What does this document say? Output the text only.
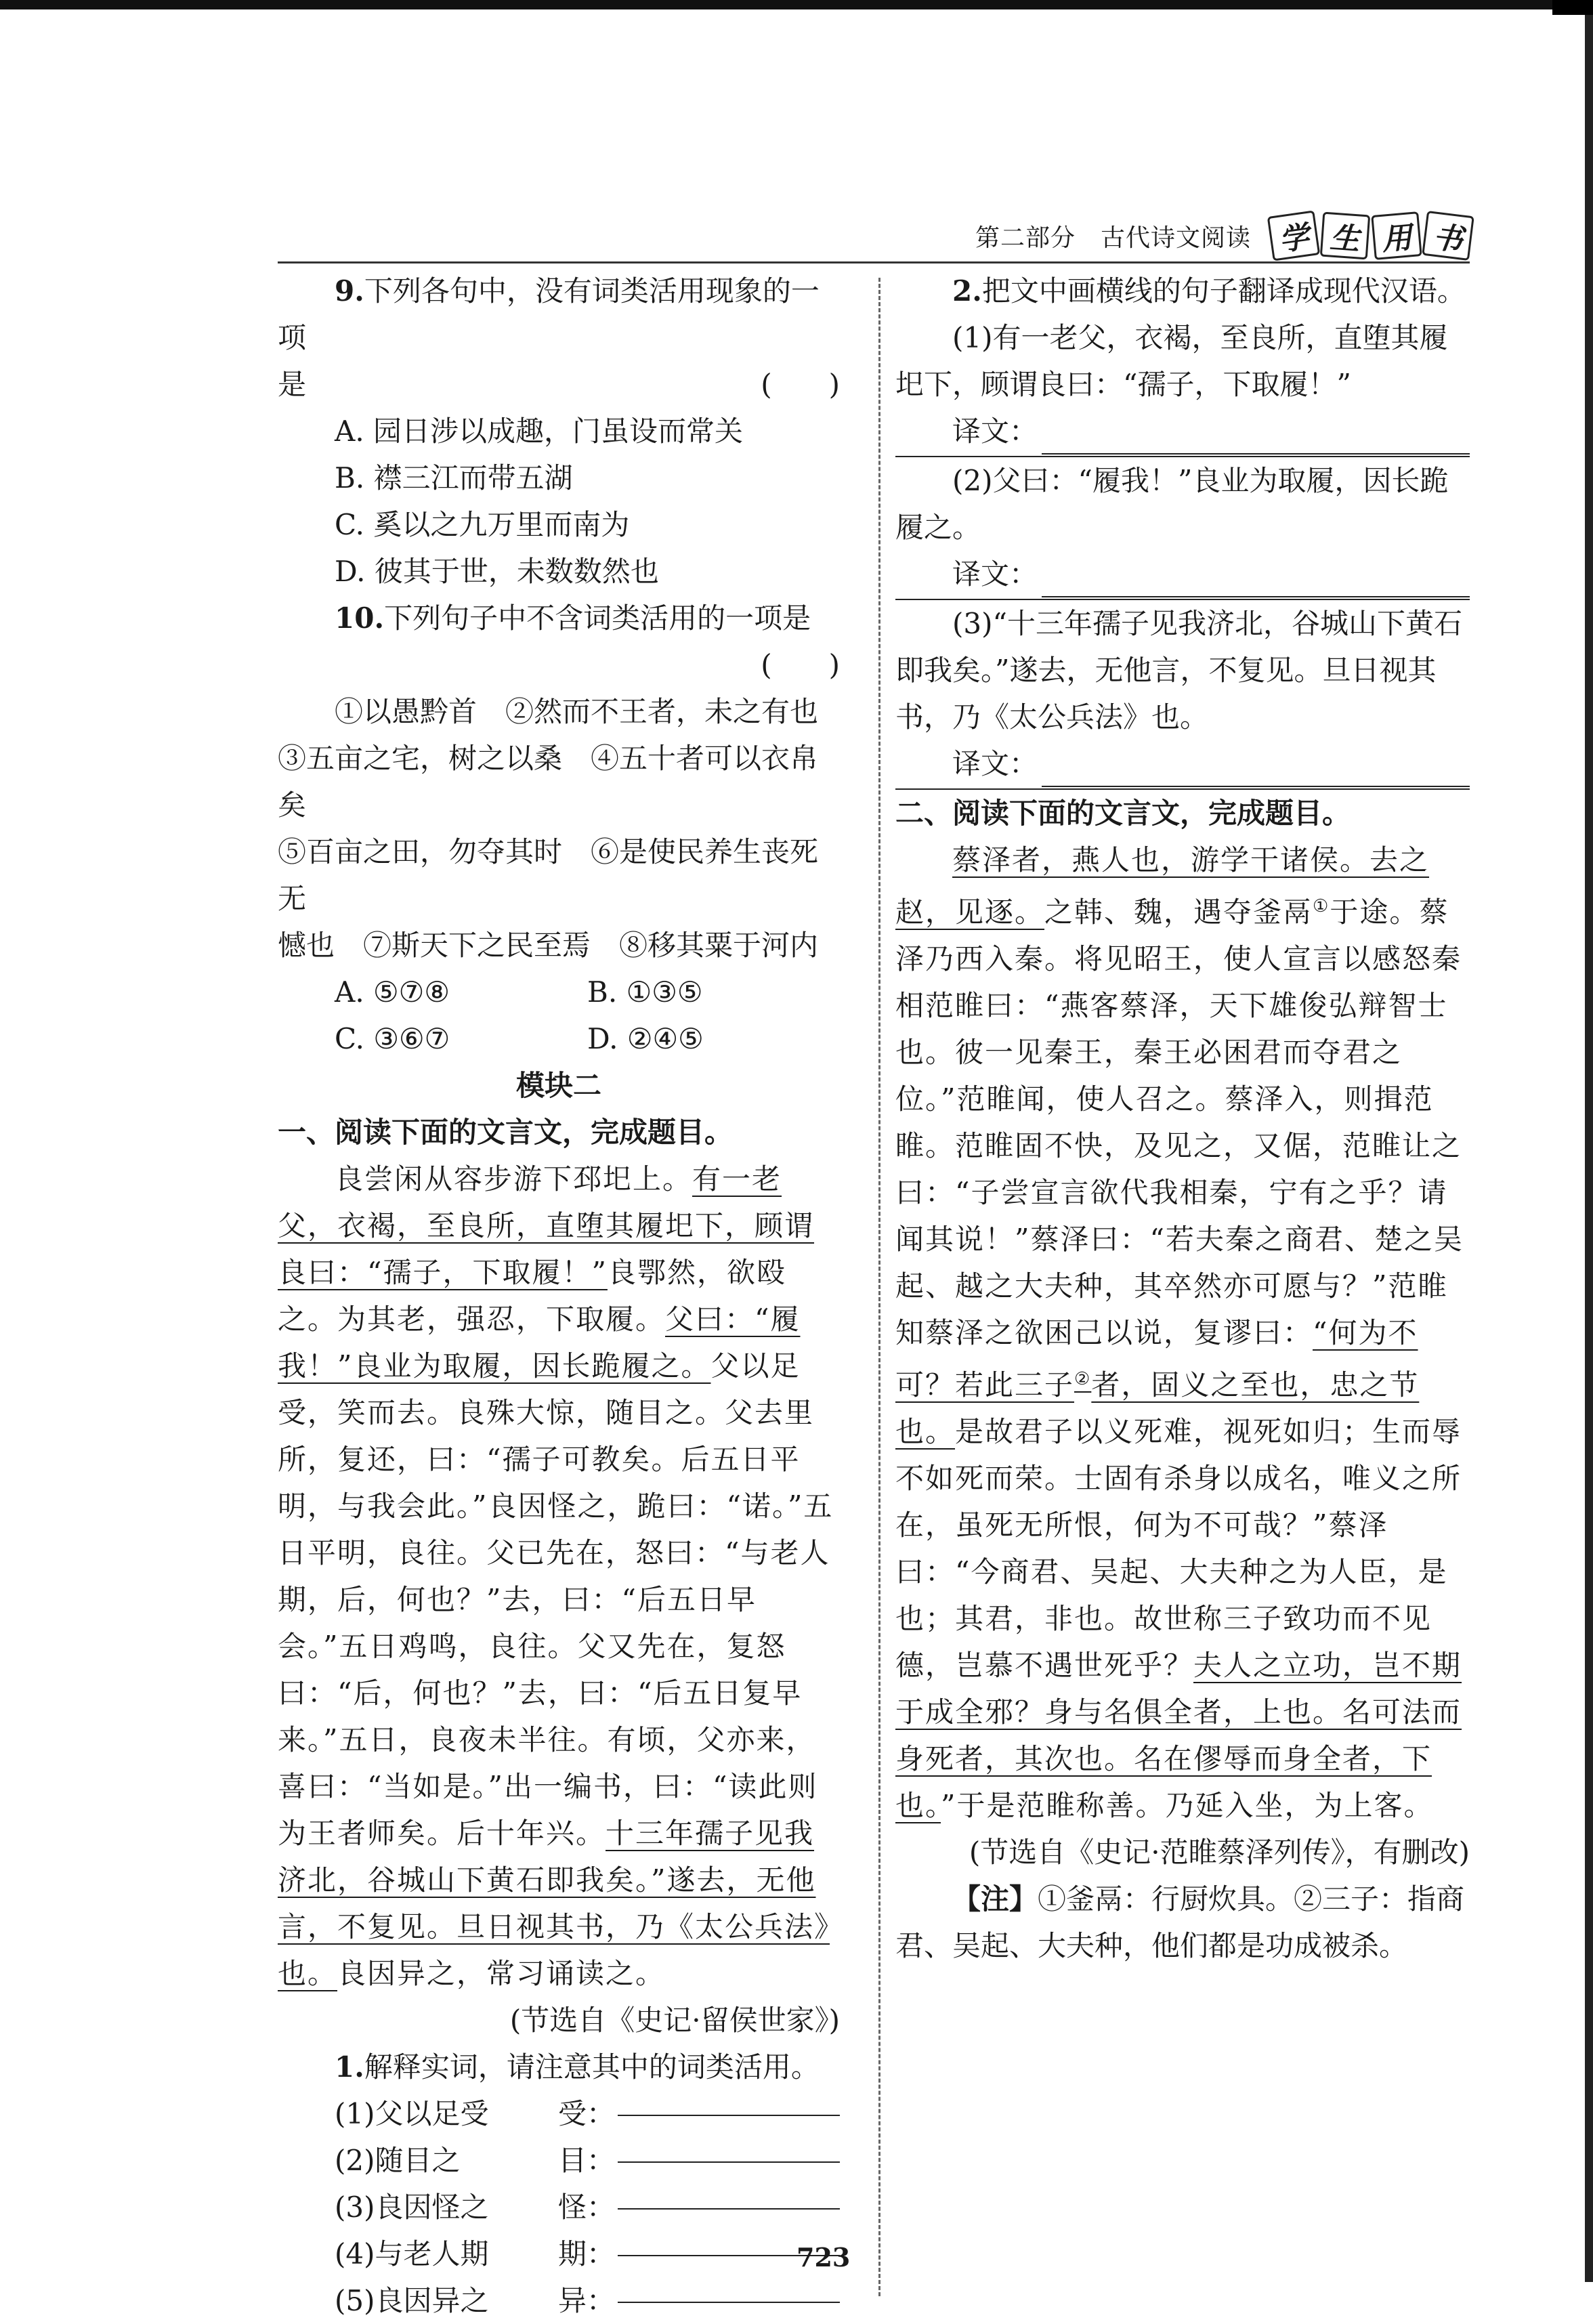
第二部分　古代诗文阅读 学 生 用 书
9.下列各句中，没有词类活用现象的一项
是	(　　)
A. 园日涉以成趣，门虽设而常关
B. 襟三江而带五湖
C. 奚以之九万里而南为
D. 彼其于世，未数数然也
10.下列句子中不含词类活用的一项是
(　　)
①以愚黔首　②然而不王者，未之有也
③五亩之宅，树之以桑　④五十者可以衣帛矣
⑤百亩之田，勿夺其时　⑥是使民养生丧死无
憾也　⑦斯天下之民至焉　⑧移其粟于河内
A. ⑤⑦⑧	B. ①③⑤
C. ③⑥⑦	D. ②④⑤
模块二
一、阅读下面的文言文，完成题目。

良尝闲从容步游下邳圯上。有一老父，衣褐，至良所，直堕其履圯下，顾谓良曰：“孺子，下取履！”良鄂然，欲殴之。为其老，强忍，下取履。父曰：“履我！”良业为取履，因长跪履之。父以足受，笑而去。良殊大惊，随目之。父去里所，复还，曰：“孺子可教矣。后五日平明，与我会此。”良因怪之，跪曰：“诺。”五日平明，良往。父已先在，怒曰：“与老人期，后，何也？”去，曰：“后五日早会。”五日鸡鸣，良往。父又先在，复怒曰：“后，何也？”去，曰：“后五日复早来。”五日，良夜未半往。有顷，父亦来，喜曰：“当如是。”出一编书，曰：“读此则为王者师矣。后十年兴。十三年孺子见我济北，谷城山下黄石即我矣。”遂去，无他言，不复见。旦日视其书，乃《太公兵法》也。良因异之，常习诵读之。

(节选自《史记·留侯世家》)
1.解释实词，请注意其中的词类活用。
(1)父以足受	受：
(2)随目之	目：
(3)良因怪之	怪：
(4)与老人期	期：
(5)良因异之	异：
2.把文中画横线的句子翻译成现代汉语。

(1)有一老父，衣褐，至良所，直堕其履圯下，顾谓良曰：“孺子，下取履！”

译文：

(2)父曰：“履我！”良业为取履，因长跪履之。

译文：

(3)“十三年孺子见我济北，谷城山下黄石即我矣。”遂去，无他言，不复见。旦日视其书，乃《太公兵法》也。

译文：
二、阅读下面的文言文，完成题目。

蔡泽者，燕人也，游学干诸侯。去之赵，见逐。之韩、魏，遇夺釜鬲①于途。蔡泽乃西入秦。将见昭王，使人宣言以感怒秦相范睢曰：“燕客蔡泽，天下雄俊弘辩智士也。彼一见秦王，秦王必困君而夺君之位。”范睢闻，使人召之。蔡泽入，则揖范睢。范睢固不快，及见之，又倨，范睢让之曰：“子尝宣言欲代我相秦，宁有之乎？请闻其说！”蔡泽曰：“若夫秦之商君、楚之吴起、越之大夫种，其卒然亦可愿与？”范睢知蔡泽之欲困己以说，复谬曰：“何为不可？若此三子②者，固义之至也，忠之节也。是故君子以义死难，视死如归；生而辱不如死而荣。士固有杀身以成名，唯义之所在，虽死无所恨，何为不可哉？”蔡泽曰：“今商君、吴起、大夫种之为人臣，是也；其君，非也。故世称三子致功而不见德，岂慕不遇世死乎？夫人之立功，岂不期于成全邪？身与名俱全者，上也。名可法而身死者，其次也。名在僇辱而身全者，下也。”于是范睢称善。乃延入坐，为上客。

(节选自《史记·范睢蔡泽列传》，有删改)

【注】①釜鬲：行厨炊具。②三子：指商君、吴起、大夫种，他们都是功成被杀。

723
